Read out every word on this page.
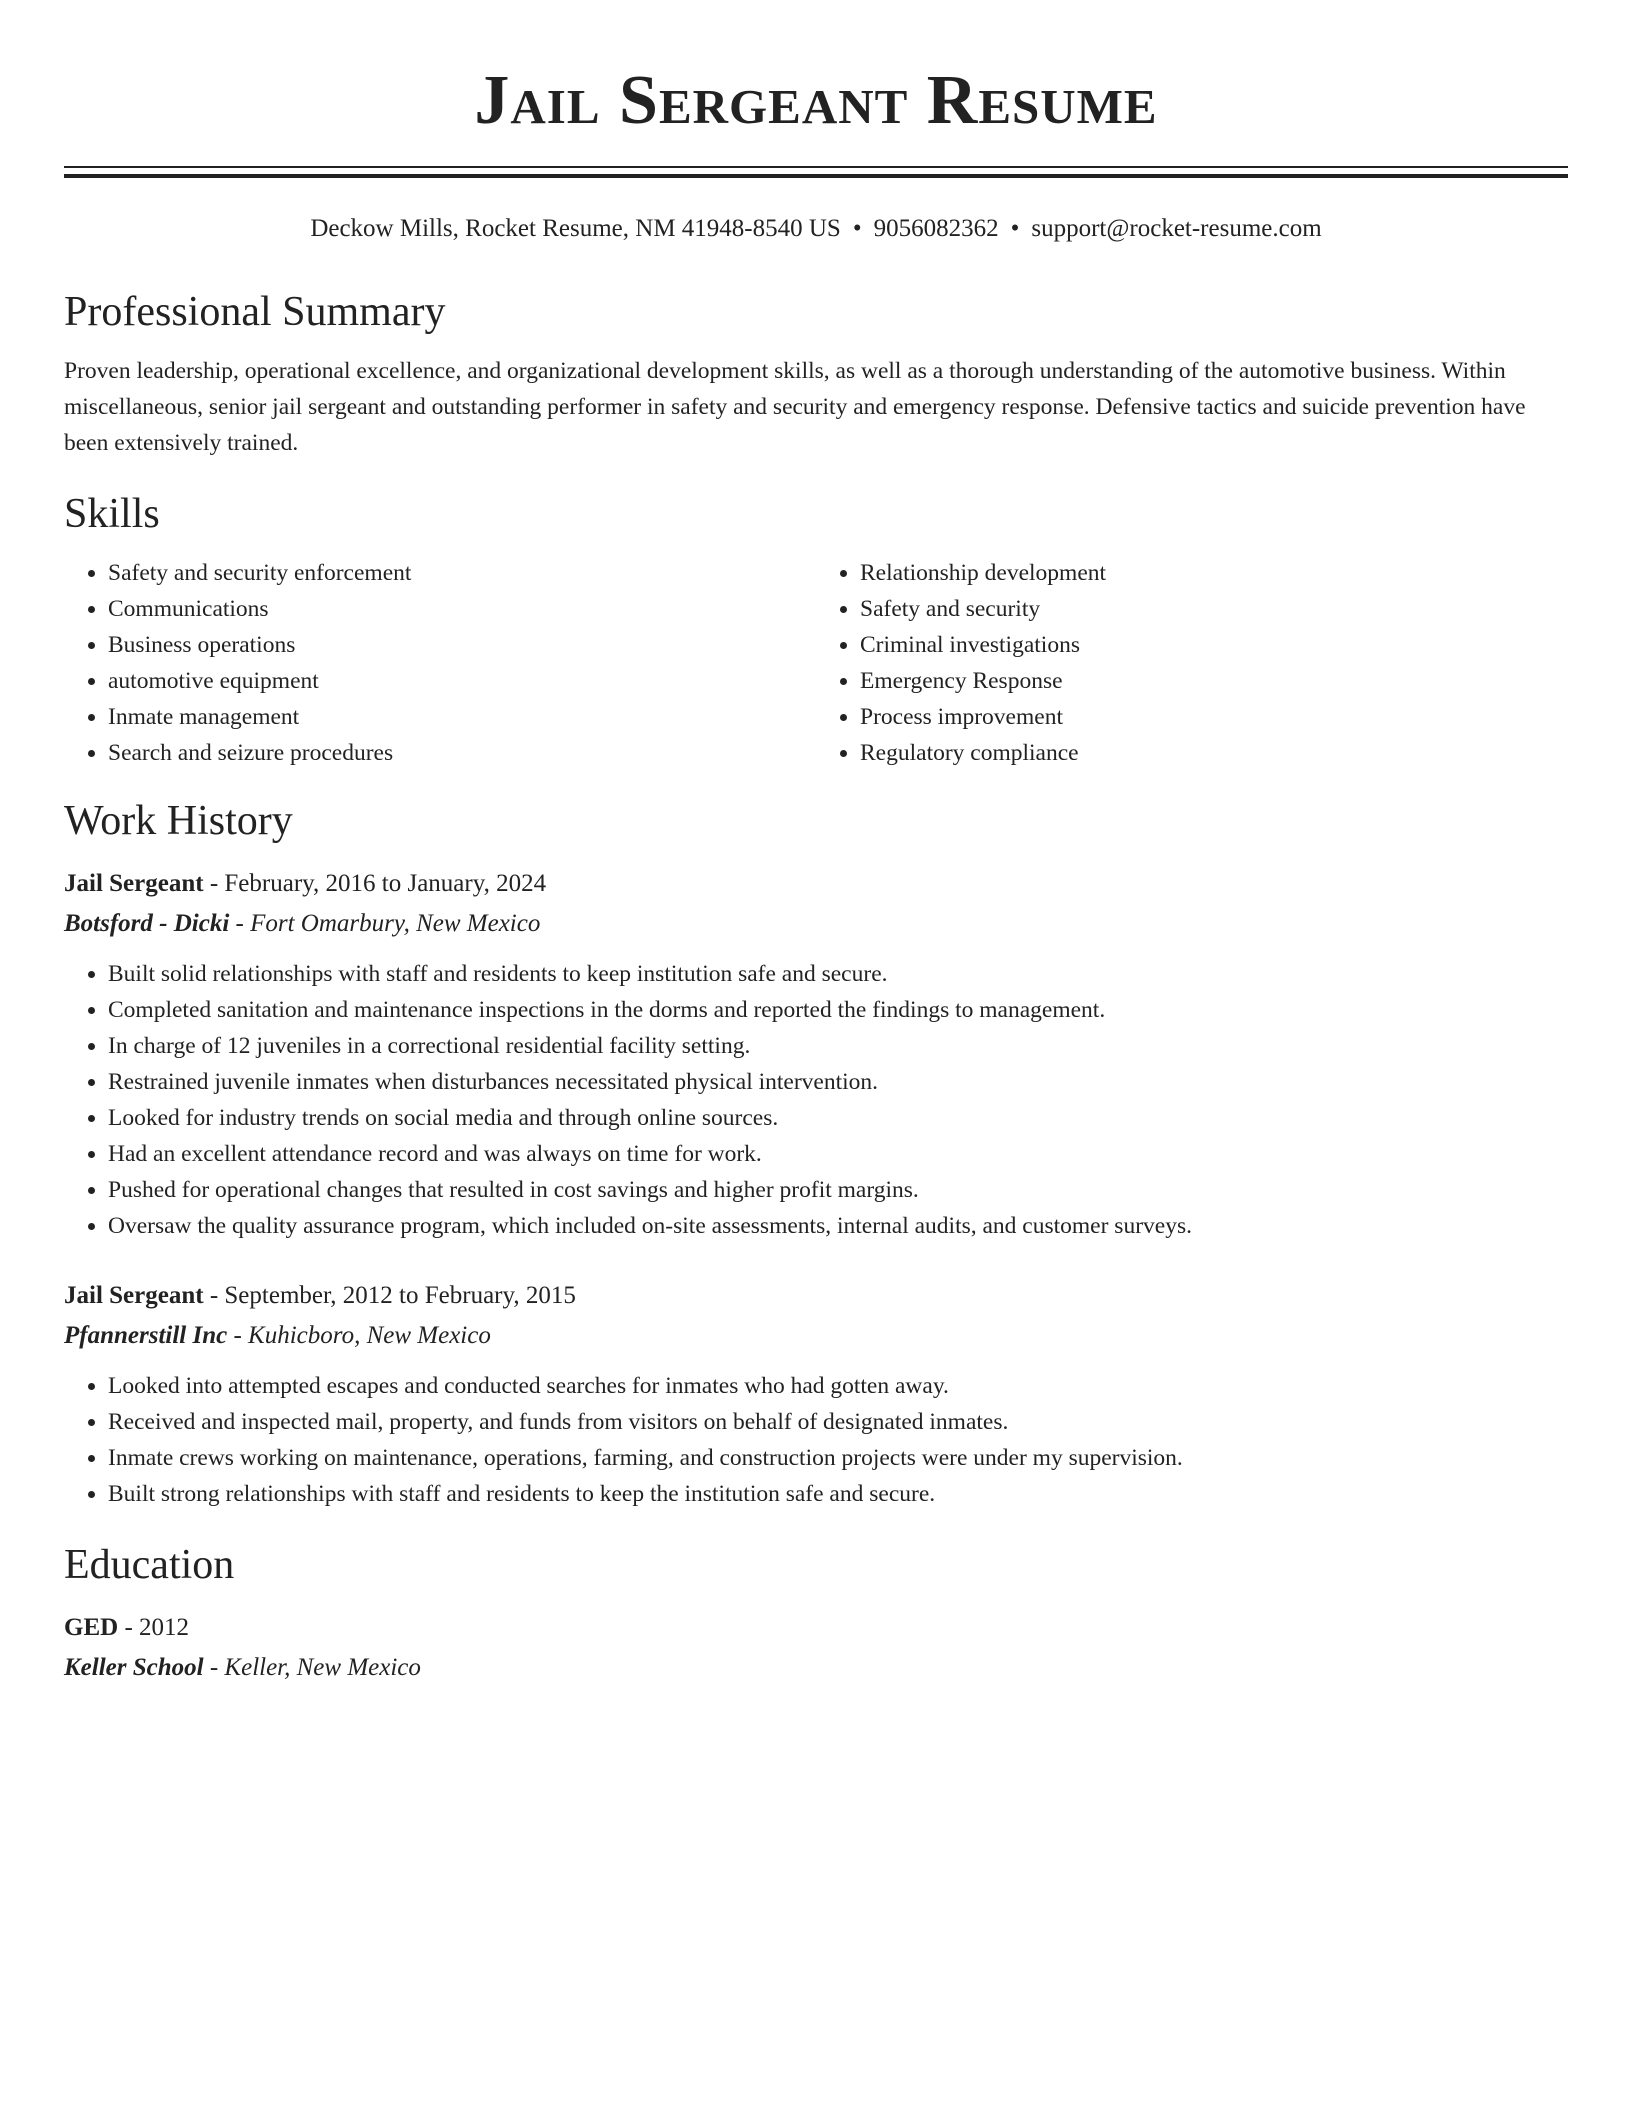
Jail Sergeant Resume
Deckow Mills, Rocket Resume, NM 41948-8540 US • 9056082362 • support@rocket-resume.com
Professional Summary
Proven leadership, operational excellence, and organizational development skills, as well as a thorough understanding of the automotive business. Within miscellaneous, senior jail sergeant and outstanding performer in safety and security and emergency response. Defensive tactics and suicide prevention have been extensively trained.
Skills
• Safety and security enforcement
• Communications
• Business operations
• automotive equipment
• Inmate management
• Search and seizure procedures
• Relationship development
• Safety and security
• Criminal investigations
• Emergency Response
• Process improvement
• Regulatory compliance
Work History
Jail Sergeant - February, 2016 to January, 2024
Botsford - Dicki - Fort Omarbury, New Mexico
• Built solid relationships with staff and residents to keep institution safe and secure.
• Completed sanitation and maintenance inspections in the dorms and reported the findings to management.
• In charge of 12 juveniles in a correctional residential facility setting.
• Restrained juvenile inmates when disturbances necessitated physical intervention.
• Looked for industry trends on social media and through online sources.
• Had an excellent attendance record and was always on time for work.
• Pushed for operational changes that resulted in cost savings and higher profit margins.
• Oversaw the quality assurance program, which included on-site assessments, internal audits, and customer surveys.
Jail Sergeant - September, 2012 to February, 2015
Pfannerstill Inc - Kuhicboro, New Mexico
• Looked into attempted escapes and conducted searches for inmates who had gotten away.
• Received and inspected mail, property, and funds from visitors on behalf of designated inmates.
• Inmate crews working on maintenance, operations, farming, and construction projects were under my supervision.
• Built strong relationships with staff and residents to keep the institution safe and secure.
Education
GED - 2012
Keller School - Keller, New Mexico
